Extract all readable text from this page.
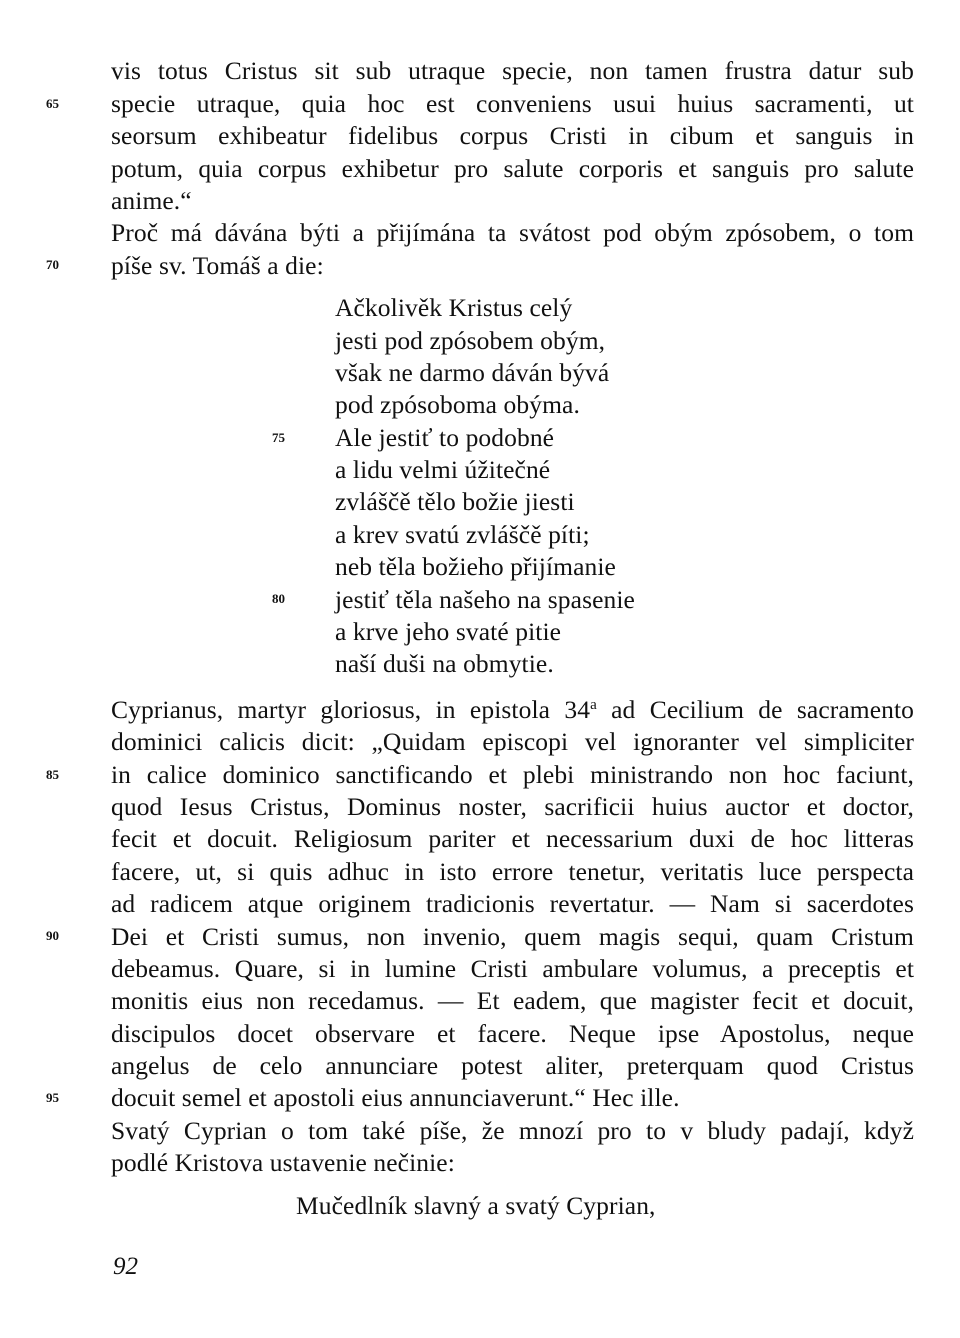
vis totus Cristus sit sub utraque specie, non tamen frustra datur sub
65 specie utraque, quia hoc est conveniens usui huius sacramenti, ut
seorsum exhibeatur fidelibus corpus Cristi in cibum et sanguis in
potum, quia corpus exhibetur pro salute corporis et sanguis pro salute
anime.“
Proč má dávána býti a přijímána ta svátost pod obým zpósobem, o tom
70 píše sv. Tomáš a die:
Ačkolivěk Kristus celý
jesti pod zpósobem obým,
však ne darmo dáván bývá
pod zpósoboma obýma.
75 Ale jestiť to podobné
a lidu velmi úžitečné
zvláščě tělo božie jiesti
a krev svatú zvláščě píti;
neb těla božieho přijímanie
80 jestiť těla našeho na spasenie
a krve jeho svaté pitie
naší duši na obmytie.
Cyprianus, martyr gloriosus, in epistola 34$^a$ ad Cecilium de sacramento
dominici calicis dicit: „Quidam episcopi vel ignoranter vel simpliciter
85 in calice dominico sanctificando et plebi ministrando non hoc faciunt,
quod Iesus Cristus, Dominus noster, sacrificii huius auctor et doctor,
fecit et docuit. Religiosum pariter et necessarium duxi de hoc litteras
facere, ut, si quis adhuc in isto errore tenetur, veritatis luce perspecta
ad radicem atque originem tradicionis revertatur. — Nam si sacerdotes
90 Dei et Cristi sumus, non invenio, quem magis sequi, quam Cristum
debeamus. Quare, si in lumine Cristi ambulare volumus, a preceptis et
monitis eius non recedamus. — Et eadem, que magister fecit et docuit,
discipulos docet observare et facere. Neque ipse Apostolus, neque
angelus de celo annunciare potest aliter, preterquam quod Cristus
95 docuit semel et apostoli eius annunciaverunt.“ Hec ille.
Svatý Cyprian o tom také píše, že mnozí pro to v bludy padají, když
podlé Kristova ustavenie nečinie:
Mučedlník slavný a svatý Cyprian,
92
